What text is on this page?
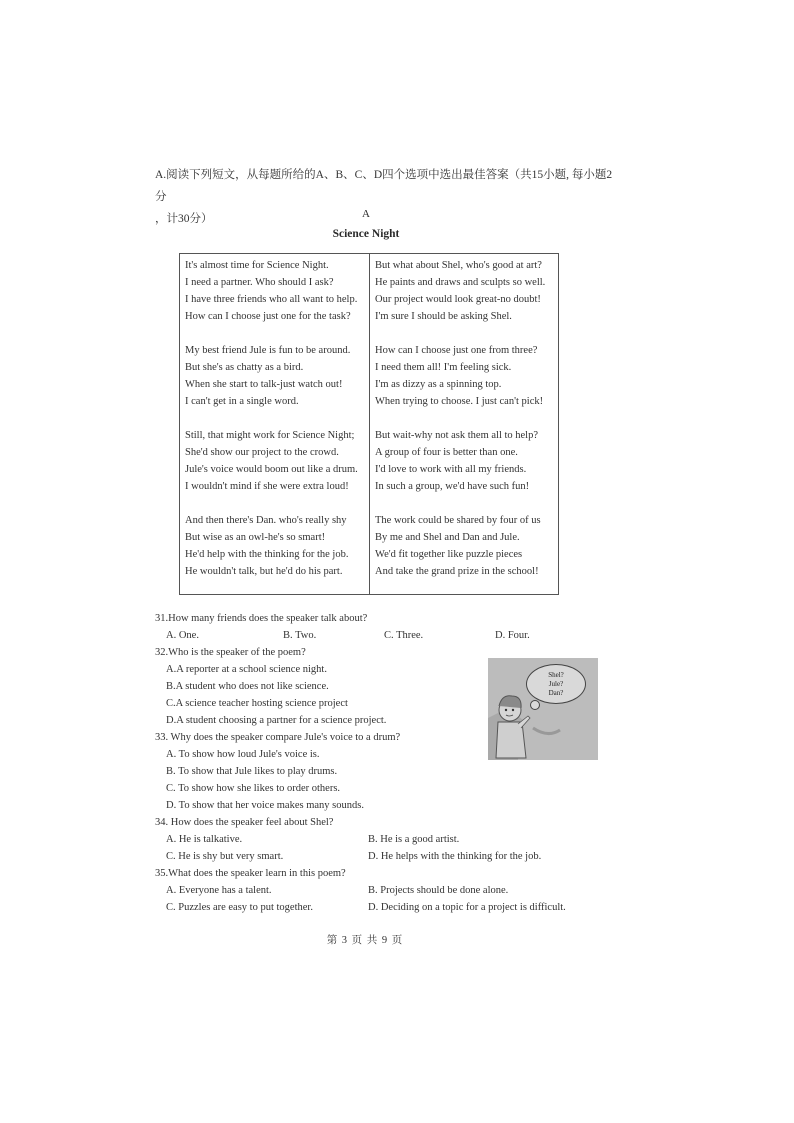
A.阅读下列短文，从每题所给的A、B、C、D四个选项中选出最佳答案（共15小题, 每小题2分
，计30分）	A
Science Night
It's almost time for Science Night.
I need a partner. Who should I ask?
I have three friends who all want to help.
How can I choose just one for the task?
My best friend Jule is fun to be around.
But she's as chatty as a bird.
When she start to talk-just watch out!
I can't get in a single word.
Still, that might work for Science Night;
She'd show our project to the crowd.
Jule's voice would boom out like a drum.
I wouldn't mind if she were extra loud!
And then there's Dan. who's really shy
But wise as an owl-he's so smart!
He'd help with the thinking for the job.
He wouldn't talk, but he'd do his part.
But what about Shel, who's good at art?
He paints and draws and sculpts so well.
Our project would look great-no doubt!
I'm sure I should be asking Shel.
How can I choose just one from three?
I need them all! I'm feeling sick.
I'm as dizzy as a spinning top.
When trying to choose. I just can't pick!
But wait-why not ask them all to help?
A group of four is better than one.
I'd love to work with all my friends.
In such a group, we'd have such fun!
The work could be shared by four of us
By me and Shel and Dan and Jule.
We'd fit together like puzzle pieces
And take the grand prize in the school!
31.How many friends does the speaker talk about?
A. One.	B. Two.	C. Three.	D. Four.
32.Who is the speaker of the poem?
A.A reporter at a school science night.
B.A student who does not like science.
C.A science teacher hosting science project
D.A student choosing a partner for a science project.
33. Why does the speaker compare Jule's voice to a drum?
A. To show how loud Jule's voice is.
B. To show that Jule likes to play drums.
C. To show how she likes to order others.
D. To show that her voice makes many sounds.
34. How does the speaker feel about Shel?
A. He is talkative.	B. He is a good artist.
C. He is shy but very smart.	D. He helps with the thinking for the job.
35.What does the speaker learn in this poem?
A. Everyone has a talent.	B. Projects should be done alone.
C. Puzzles are easy to put together.	D. Deciding on a topic for a project is difficult.
Shel?
Jule?
Dan?
第 3 页 共 9 页
